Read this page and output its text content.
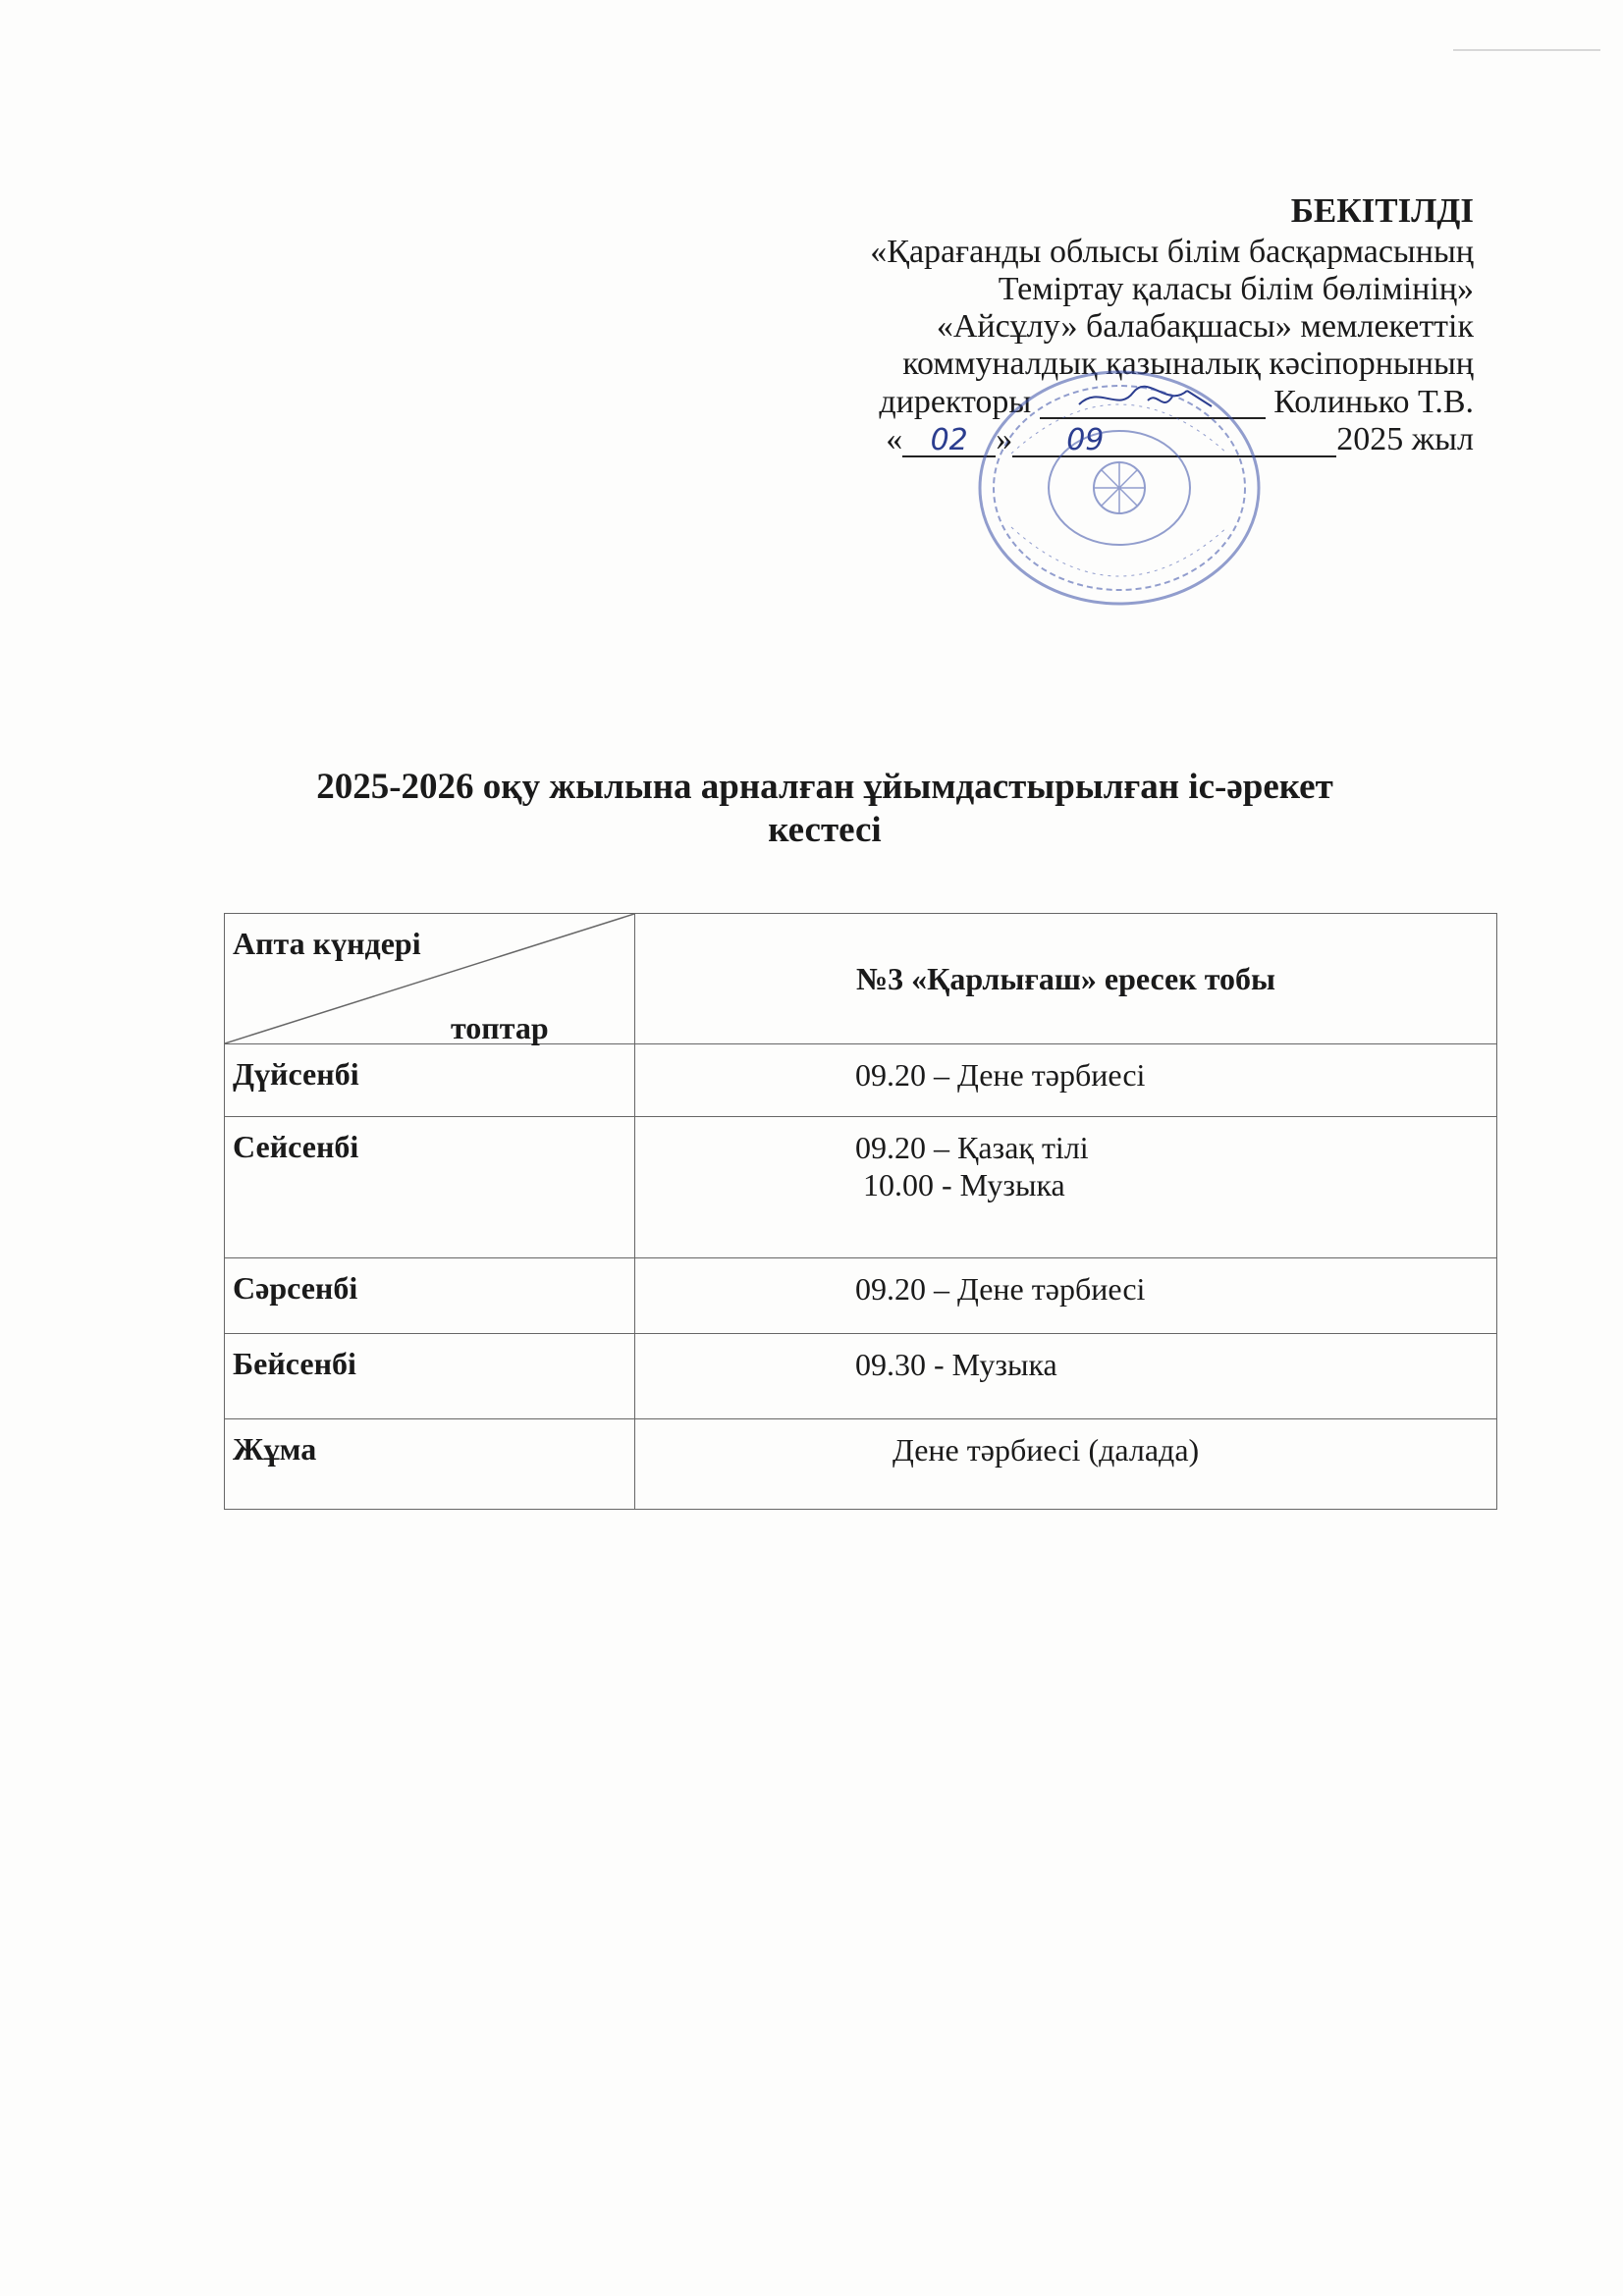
БЕКІТІЛДІ
«Қарағанды облысы білім басқармасының
Теміртау қаласы білім бөлімінің»
«Айсұлу» балабақшасы» мемлекеттік
коммуналдық қазыналық кәсіпорнының
директоры	Колинько Т.В.
« 02 » 09	2025 жыл
2025-2026 оқу жылына арналған ұйымдастырылған іс-әрекет
кестесі
Апта күндері
топтар	№3 «Қарлығаш» ересек тобы
Дүйсенбі	09.20 – Дене тәрбиесі

Сейсенбі	09.20 – Қазақ тілі
10.00 - Музыка

Сәрсенбі	09.20 – Дене тәрбиесі

Бейсенбі	09.30 - Музыка

Жұма	Дене тәрбиесі (далада)
